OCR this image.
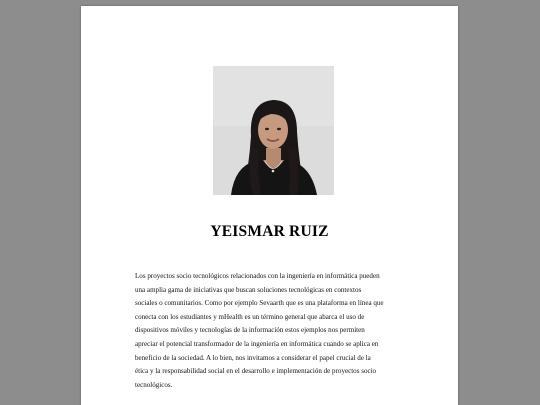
YEISMAR RUIZ
Los proyectos socio tecnológicos relacionados con la ingeniería en informática pueden
una amplia gama de iniciativas que buscan soluciones tecnológicas en contextos
sociales o comunitarios. Como por ejemplo Sevaarth que es una plataforma en línea que
conecta con los estudiantes y mHealth es un término general que abarca el uso de
dispositivos móviles y tecnologías de la información estos ejemplos nos permiten
apreciar el potencial transformador de la ingeniería en informática cuando se aplica en
beneficio de la sociedad. A lo bien, nos invitamos a considerar el papel crucial de la
ética y la responsabilidad social en el desarrollo e implementación de proyectos socio
tecnológicos.
